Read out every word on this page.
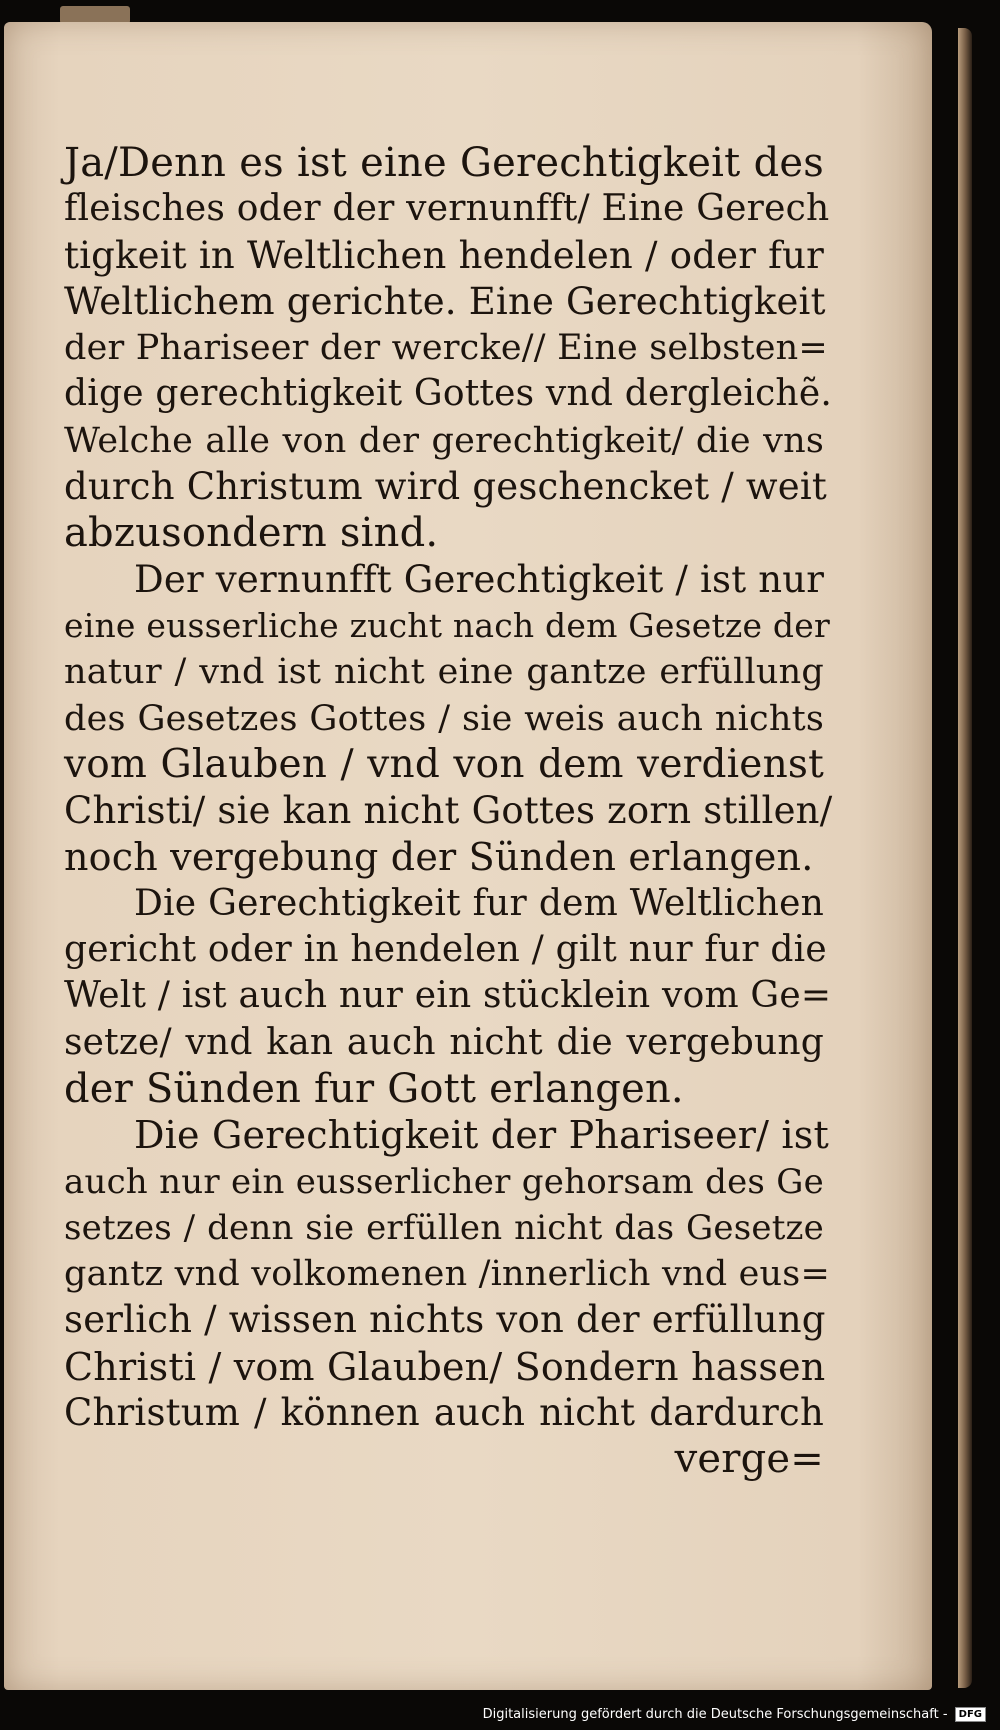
Ja/Denn es ist eine Gerechtigkeit des
fleisches oder der vernunfft/ Eine Gerech
tigkeit in Weltlichen hendelen / oder fur
Weltlichem gerichte. Eine Gerechtigkeit
der Phariseer der wercke// Eine selbsten=
dige gerechtigkeit Gottes vnd dergleichẽ.
Welche alle von der gerechtigkeit/ die vns
durch Christum wird geschencket / weit
abzusondern sind.
Der vernunfft Gerechtigkeit / ist nur
eine eusserliche zucht nach dem Gesetze der
natur / vnd ist nicht eine gantze erfüllung
des Gesetzes Gottes / sie weis auch nichts
vom Glauben / vnd von dem verdienst
Christi/ sie kan nicht Gottes zorn stillen/
noch vergebung der Sünden erlangen.
Die Gerechtigkeit fur dem Weltlichen
gericht oder in hendelen / gilt nur fur die
Welt / ist auch nur ein stücklein vom Ge=
setze/ vnd kan auch nicht die vergebung
der Sünden fur Gott erlangen.
Die Gerechtigkeit der Phariseer/ ist
auch nur ein eusserlicher gehorsam des Ge
setzes / denn sie erfüllen nicht das Gesetze
gantz vnd volkomenen /innerlich vnd eus=
serlich / wissen nichts von der erfüllung
Christi / vom Glauben/ Sondern hassen
Christum / können auch nicht dardurch
verge=
Digitalisierung gefördert durch die Deutsche Forschungsgemeinschaft - DFG
